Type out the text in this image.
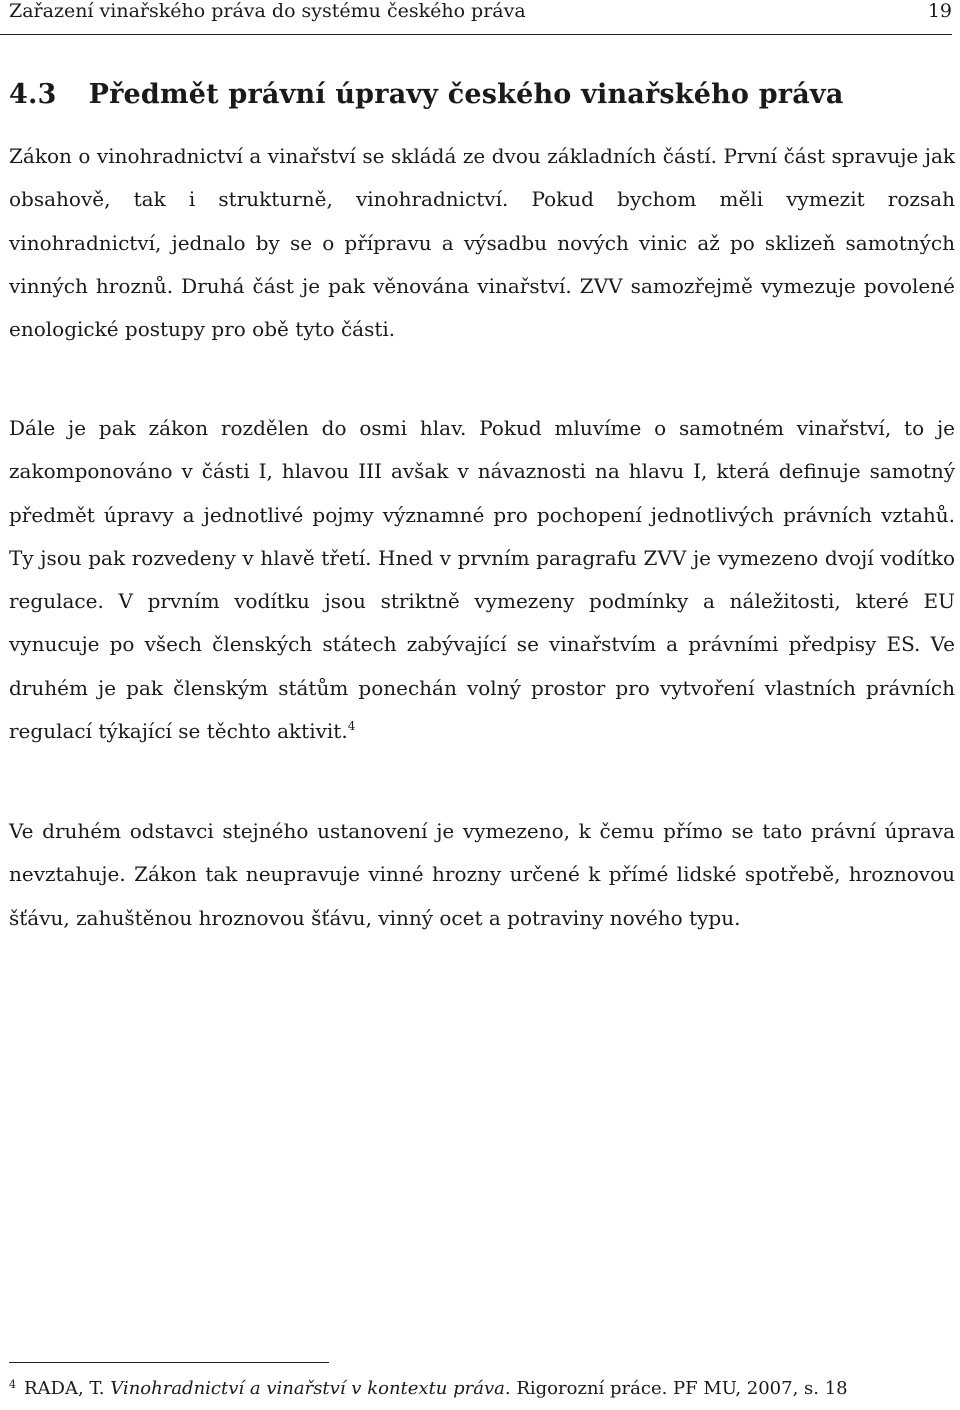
Zařazení vinařského práva do systému českého práva	19
4.3 Předmět právní úpravy českého vinařského práva

Zákon o vinohradnictví a vinařství se skládá ze dvou základních částí. První část spravuje jak obsahově, tak i strukturně, vinohradnictví. Pokud bychom měli vymezit rozsah vinohradnictví, jednalo by se o přípravu a výsadbu nových vinic až po sklizeň samotných vinných hroznů. Druhá část je pak věnována vinařství. ZVV samozřejmě vymezuje povolené enologické postupy pro obě tyto části.

Dále je pak zákon rozdělen do osmi hlav. Pokud mluvíme o samotném vinařství, to je zakomponováno v části I, hlavou III avšak v návaznosti na hlavu I, která definuje samotný předmět úpravy a jednotlivé pojmy významné pro pochopení jednotlivých právních vztahů. Ty jsou pak rozvedeny v hlavě třetí. Hned v prvním paragrafu ZVV je vymezeno dvojí vodítko regulace. V prvním vodítku jsou striktně vymezeny podmínky a náležitosti, které EU vynucuje po všech členských státech zabývající se vinařstvím a právními předpisy ES. Ve druhém je pak členským státům ponechán volný prostor pro vytvoření vlastních právních regulací týkající se těchto aktivit.$^4$

Ve druhém odstavci stejného ustanovení je vymezeno, k čemu přímo se tato právní úprava nevztahuje. Zákon tak neupravuje vinné hrozny určené k přímé lidské spotřebě, hroznovou šťávu, zahuštěnou hroznovou šťávu, vinný ocet a potraviny nového typu.

$^4$ RADA, T. Vinohradnictví a vinařství v kontextu práva. Rigorozní práce. PF MU, 2007, s. 18
